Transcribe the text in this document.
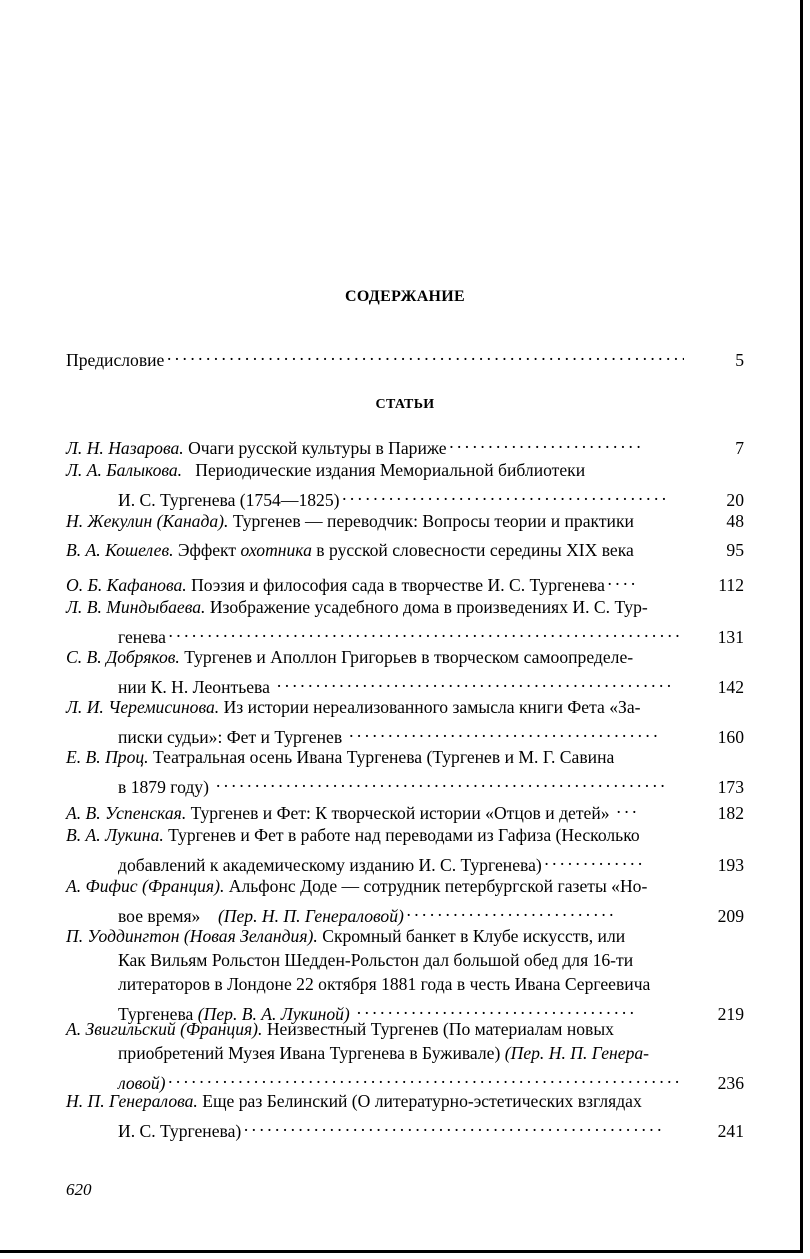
СОДЕРЖАНИЕ
Предисловие . . .	5
СТАТЬИ
Л. Н. Назарова. Очаги русской культуры в Париже . . .	7
Л. А. Балыкова. Периодические издания Мемориальной библиотеки
И. С. Тургенева (1754—1825) . . .	20
Н. Жекулин (Канада). Тургенев — переводчик: Вопросы теории и практики	48
В. А. Кошелев. Эффект охотника в русской словесности середины XIX века	95
О. Б. Кафанова. Поэзия и философия сада в творчестве И. С. Тургенева . . .	112
Л. В. Миндыбаева. Изображение усадебного дома в произведениях И. С. Тур-
генева . . .	131
С. В. Добряков. Тургенев и Аполлон Григорьев в творческом самоопределе-
нии К. Н. Леонтьева . . .	142
Л. И. Черемисинова. Из истории нереализованного замысла книги Фета «За-
писки судьи»: Фет и Тургенев . . .	160
Е. В. Проц. Театральная осень Ивана Тургенева (Тургенев и М. Г. Савина
в 1879 году) . . .	173
А. В. Успенская. Тургенев и Фет: К творческой истории «Отцов и детей» . . .	182
В. А. Лукина. Тургенев и Фет в работе над переводами из Гафиза (Несколько
добавлений к академическому изданию И. С. Тургенева) . . .	193
А. Фифис (Франция). Альфонс Доде — сотрудник петербургской газеты «Но-
вое время» (Пер. Н. П. Генераловой) . . .	209
П. Уоддингтон (Новая Зеландия). Скромный банкет в Клубе искусств, или
Как Вильям Рольстон Шедден-Рольстон дал большой обед для 16-ти
литераторов в Лондоне 22 октября 1881 года в честь Ивана Сергеевича
Тургенева (Пер. В. А. Лукиной) . . .	219
А. Звигильский (Франция). Неизвестный Тургенев (По материалам новых
приобретений Музея Ивана Тургенева в Буживале) (Пер. Н. П. Генера-
ловой) . . .	236
Н. П. Генералова. Еще раз Белинский (О литературно-эстетических взглядах
И. С. Тургенева) . . .	241
620
